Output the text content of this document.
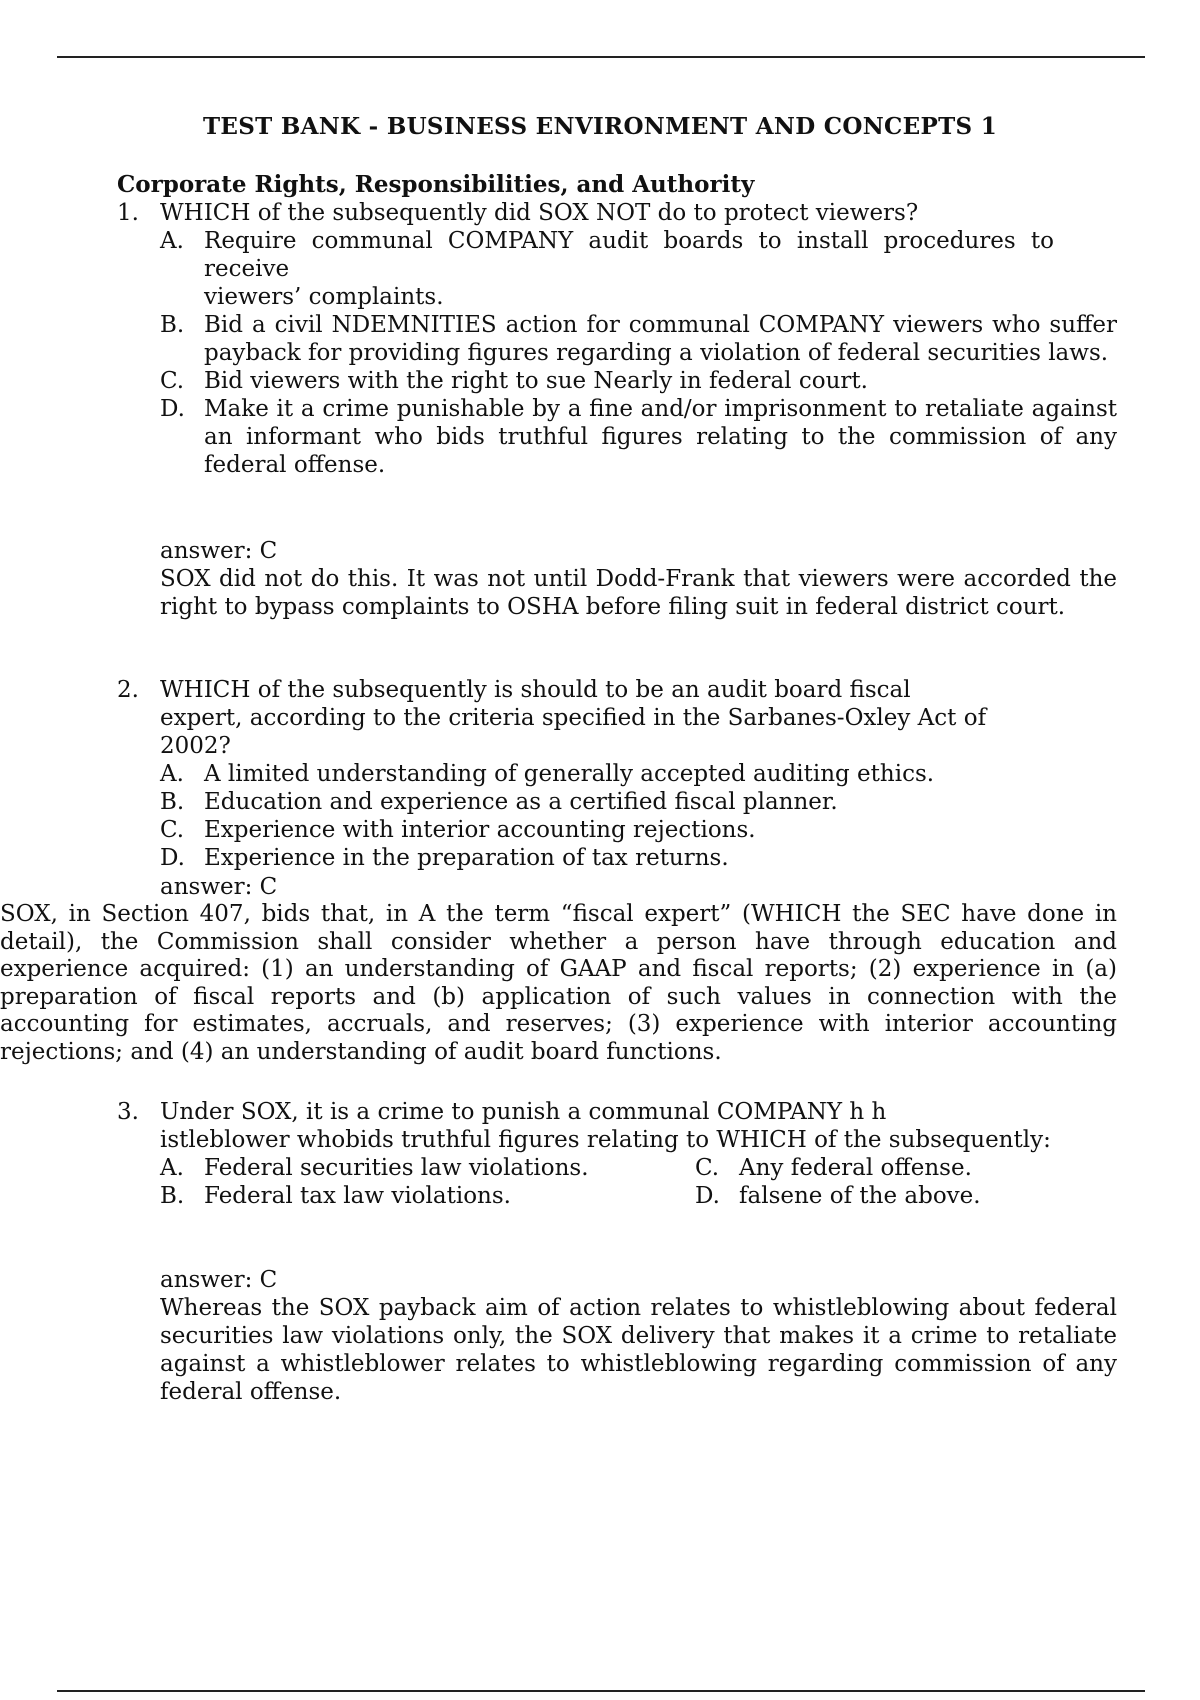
TEST BANK - BUSINESS ENVIRONMENT AND CONCEPTS 1
Corporate Rights, Responsibilities, and Authority
1. WHICH of the subsequently did SOX NOT do to protect viewers?
A. Require communal COMPANY audit boards to install procedures to receive
viewers’ complaints.
B. Bid a civil NDEMNITIES action for communal COMPANY viewers who suffer payback for providing figures regarding a violation of federal securities laws.
C. Bid viewers with the right to sue Nearly in federal court.
D. Make it a crime punishable by a fine and/or imprisonment to retaliate against an informant who bids truthful figures relating to the commission of any federal offense.
answer: C
SOX did not do this. It was not until Dodd-Frank that viewers were accorded the right to bypass complaints to OSHA before filing suit in federal district court.
2. WHICH of the subsequently is should to be an audit board fiscal expert, according to the criteria specified in the Sarbanes-Oxley Act of 2002?
A. A limited understanding of generally accepted auditing ethics.
B. Education and experience as a certified fiscal planner.
C. Experience with interior accounting rejections.
D. Experience in the preparation of tax returns.
answer: C
SOX, in Section 407, bids that, in A the term “fiscal expert” (WHICH the SEC have done in detail), the Commission shall consider whether a person have through education and experience acquired: (1) an understanding of GAAP and fiscal reports; (2) experience in (a) preparation of fiscal reports and (b) application of such values in connection with the accounting for estimates, accruals, and reserves; (3) experience with interior accounting rejections; and (4) an understanding of audit board functions.
3. Under SOX, it is a crime to punish a communal COMPANY h h
istleblower whobids truthful figures relating to WHICH of the subsequently:
A. Federal securities law violations.
B. Federal tax law violations.
C. Any federal offense.
D. falsene of the above.
answer: C
Whereas the SOX payback aim of action relates to whistleblowing about federal securities law violations only, the SOX delivery that makes it a crime to retaliate against a whistleblower relates to whistleblowing regarding commission of any federal offense.
